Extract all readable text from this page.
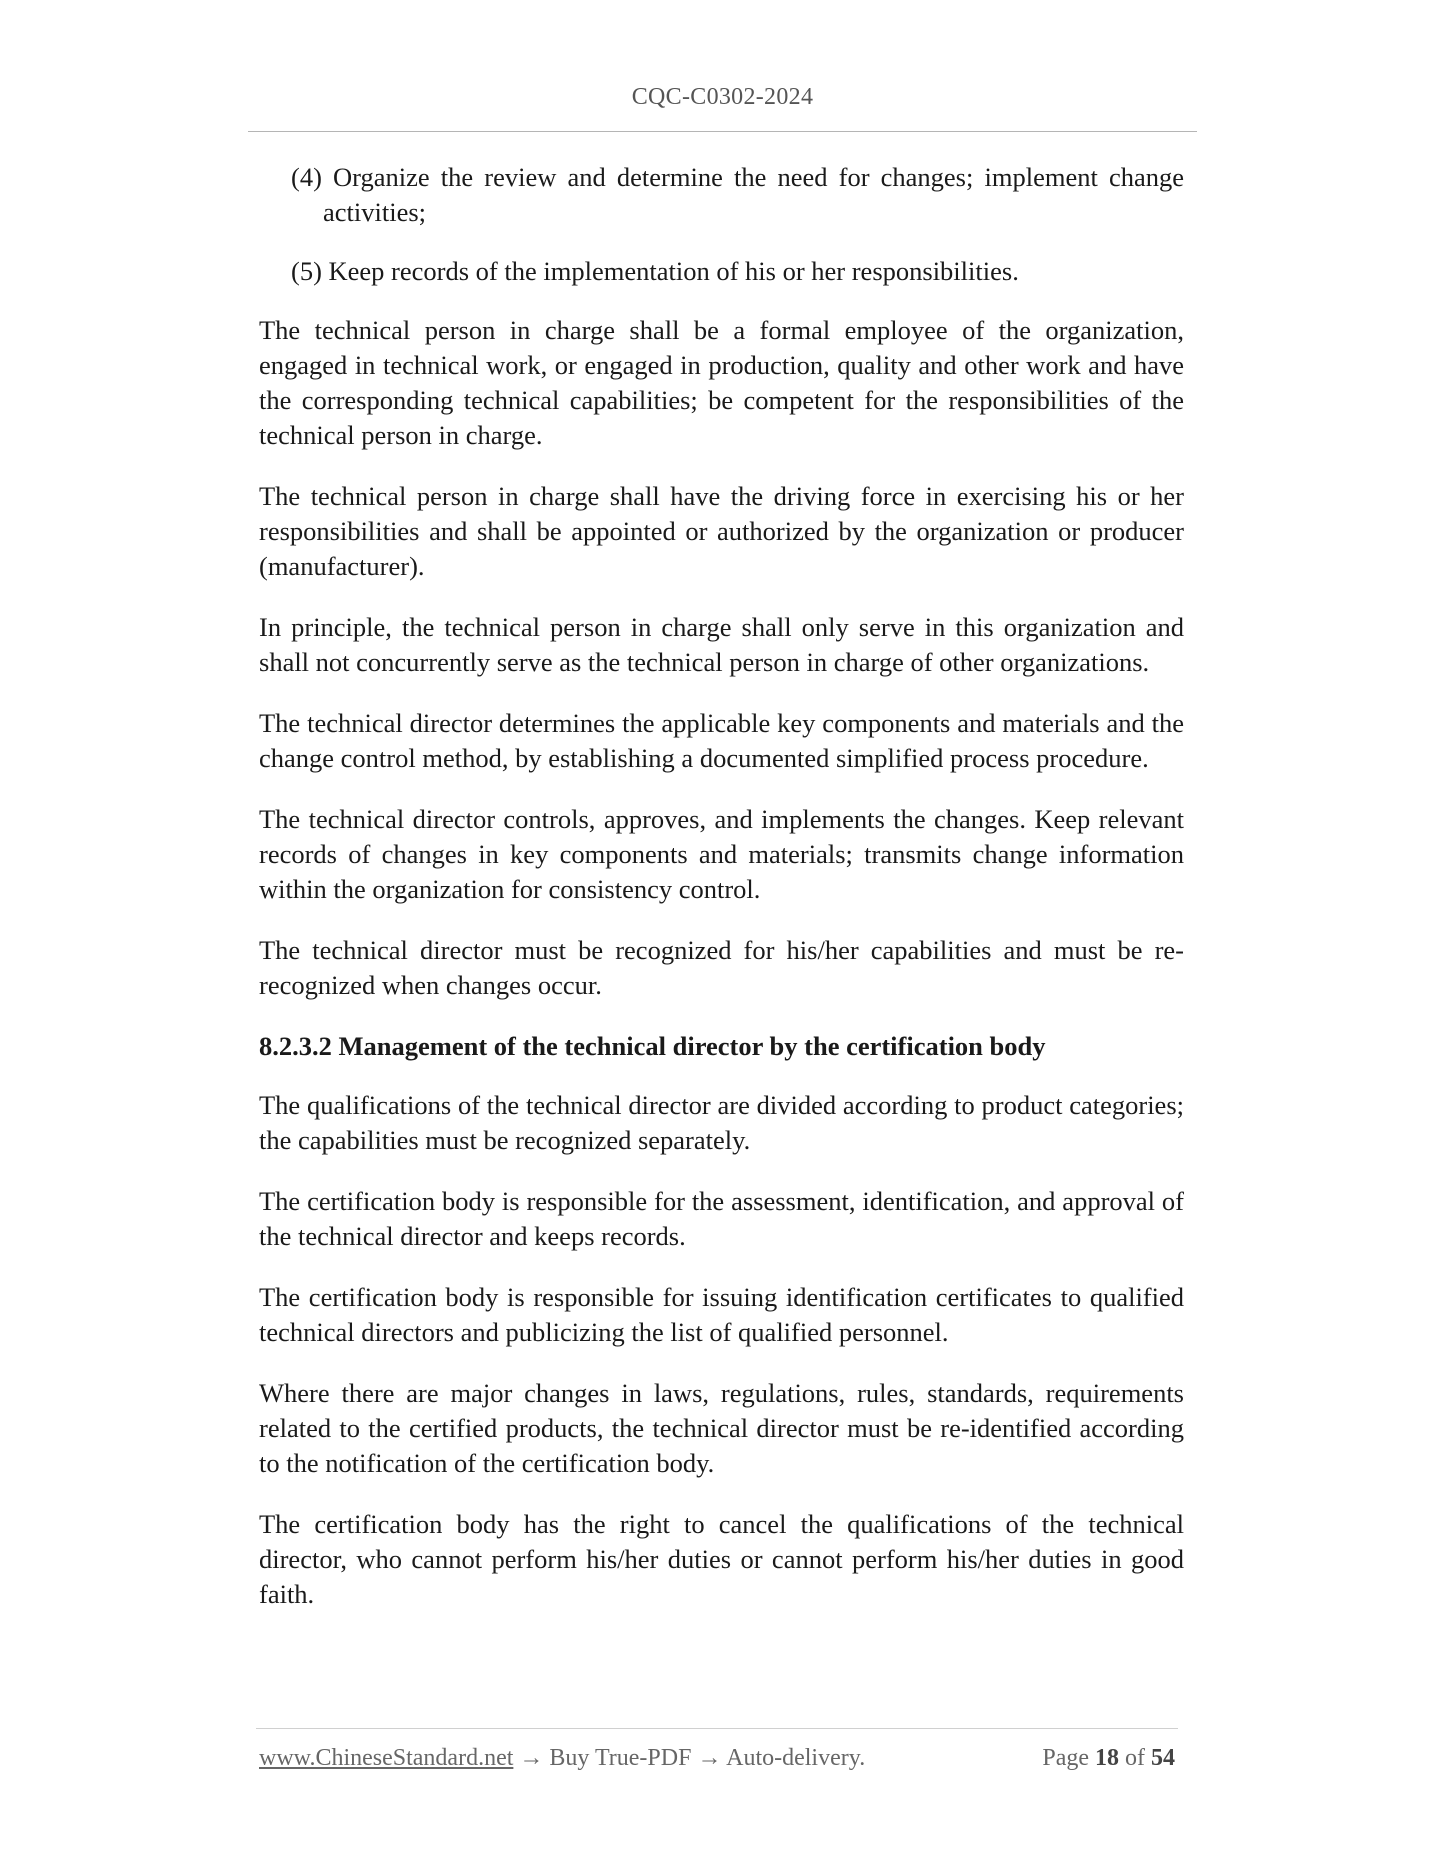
CQC-C0302-2024
(4) Organize the review and determine the need for changes; implement change activities;
(5) Keep records of the implementation of his or her responsibilities.

The technical person in charge shall be a formal employee of the organization, engaged in technical work, or engaged in production, quality and other work and have the corresponding technical capabilities; be competent for the responsibilities of the technical person in charge.

The technical person in charge shall have the driving force in exercising his or her responsibilities and shall be appointed or authorized by the organization or producer (manufacturer).

In principle, the technical person in charge shall only serve in this organization and shall not concurrently serve as the technical person in charge of other organizations.

The technical director determines the applicable key components and materials and the change control method, by establishing a documented simplified process procedure.

The technical director controls, approves, and implements the changes. Keep relevant records of changes in key components and materials; transmits change information within the organization for consistency control.

The technical director must be recognized for his/her capabilities and must be re-recognized when changes occur.

8.2.3.2 Management of the technical director by the certification body

The qualifications of the technical director are divided according to product categories; the capabilities must be recognized separately.

The certification body is responsible for the assessment, identification, and approval of the technical director and keeps records.

The certification body is responsible for issuing identification certificates to qualified technical directors and publicizing the list of qualified personnel.

Where there are major changes in laws, regulations, rules, standards, requirements related to the certified products, the technical director must be re-identified according to the notification of the certification body.

The certification body has the right to cancel the qualifications of the technical director, who cannot perform his/her duties or cannot perform his/her duties in good faith.

www.ChineseStandard.net → Buy True-PDF → Auto-delivery.	Page 18 of 54
